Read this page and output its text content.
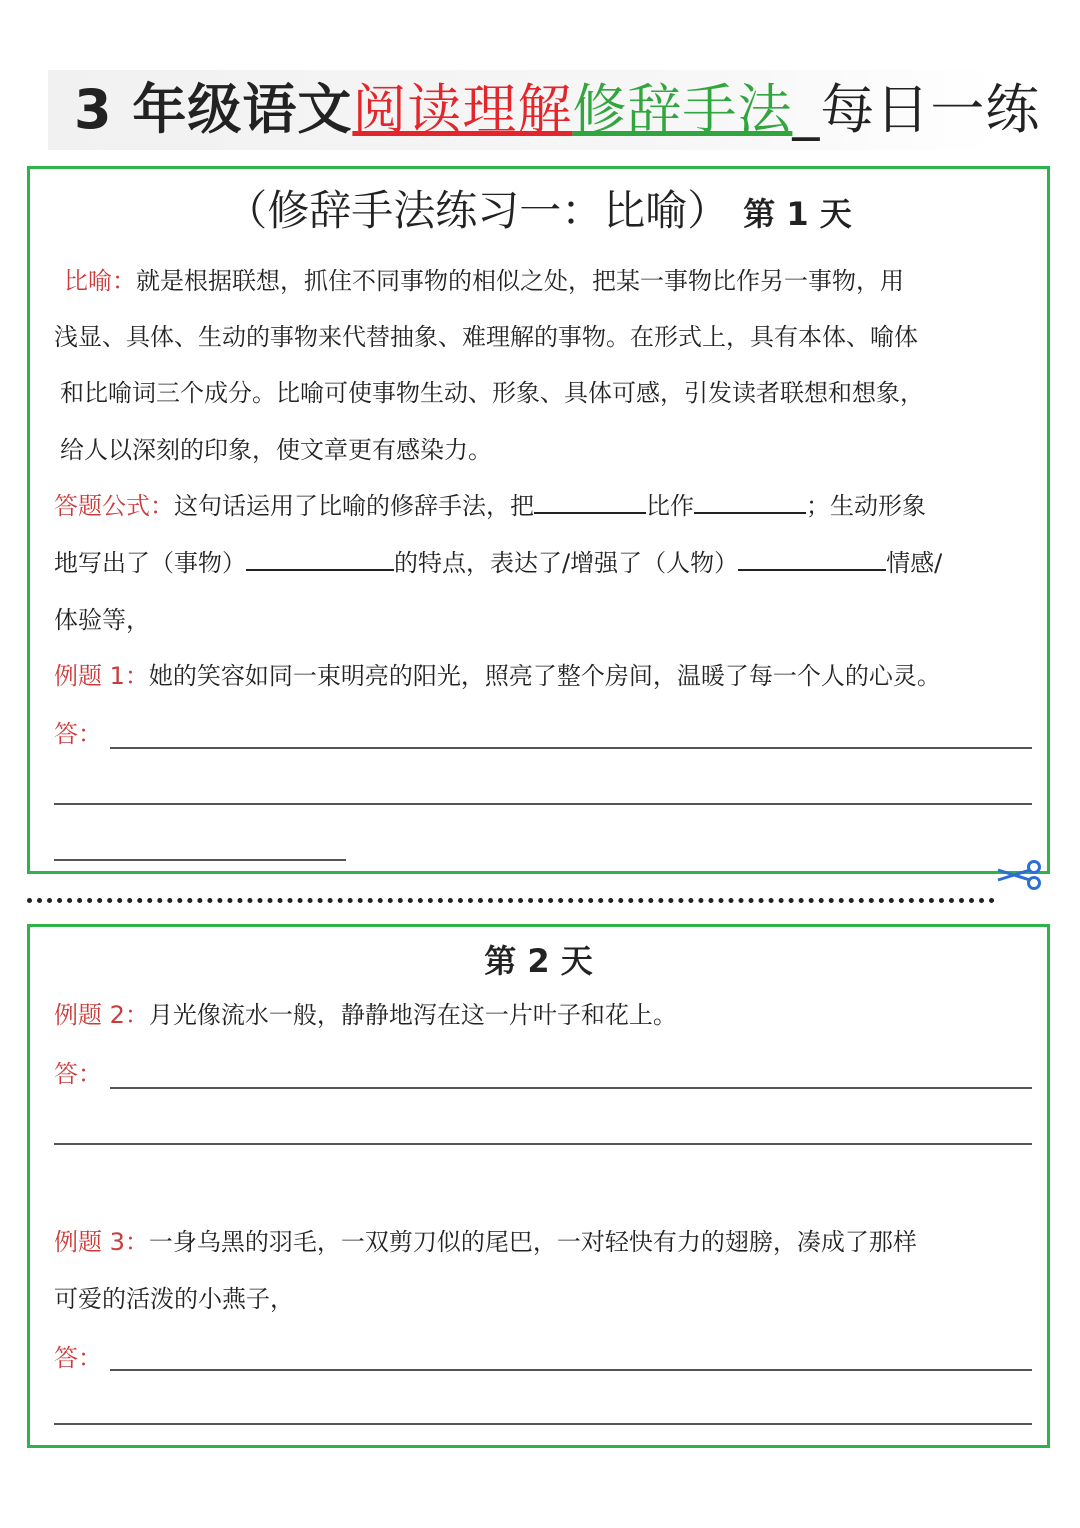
3 年级语文阅读理解修辞手法_每日一练
（修辞手法练习一：比喻） 第 1 天
比喻：就是根据联想，抓住不同事物的相似之处，把某一事物比作另一事物，用
浅显、具体、生动的事物来代替抽象、难理解的事物。在形式上，具有本体、喻体
和比喻词三个成分。比喻可使事物生动、形象、具体可感，引发读者联想和想象，
给人以深刻的印象，使文章更有感染力。
答题公式：这句话运用了比喻的修辞手法，把	比作	；生动形象
地写出了（事物）	的特点，表达了/增强了（人物）	情感/
体验等，
例题 1：她的笑容如同一束明亮的阳光，照亮了整个房间，温暖了每一个人的心灵。
答：
第 2 天
例题 2：月光像流水一般，静静地泻在这一片叶子和花上。
答：
例题 3：一身乌黑的羽毛，一双剪刀似的尾巴，一对轻快有力的翅膀，凑成了那样
可爱的活泼的小燕子，
答：
